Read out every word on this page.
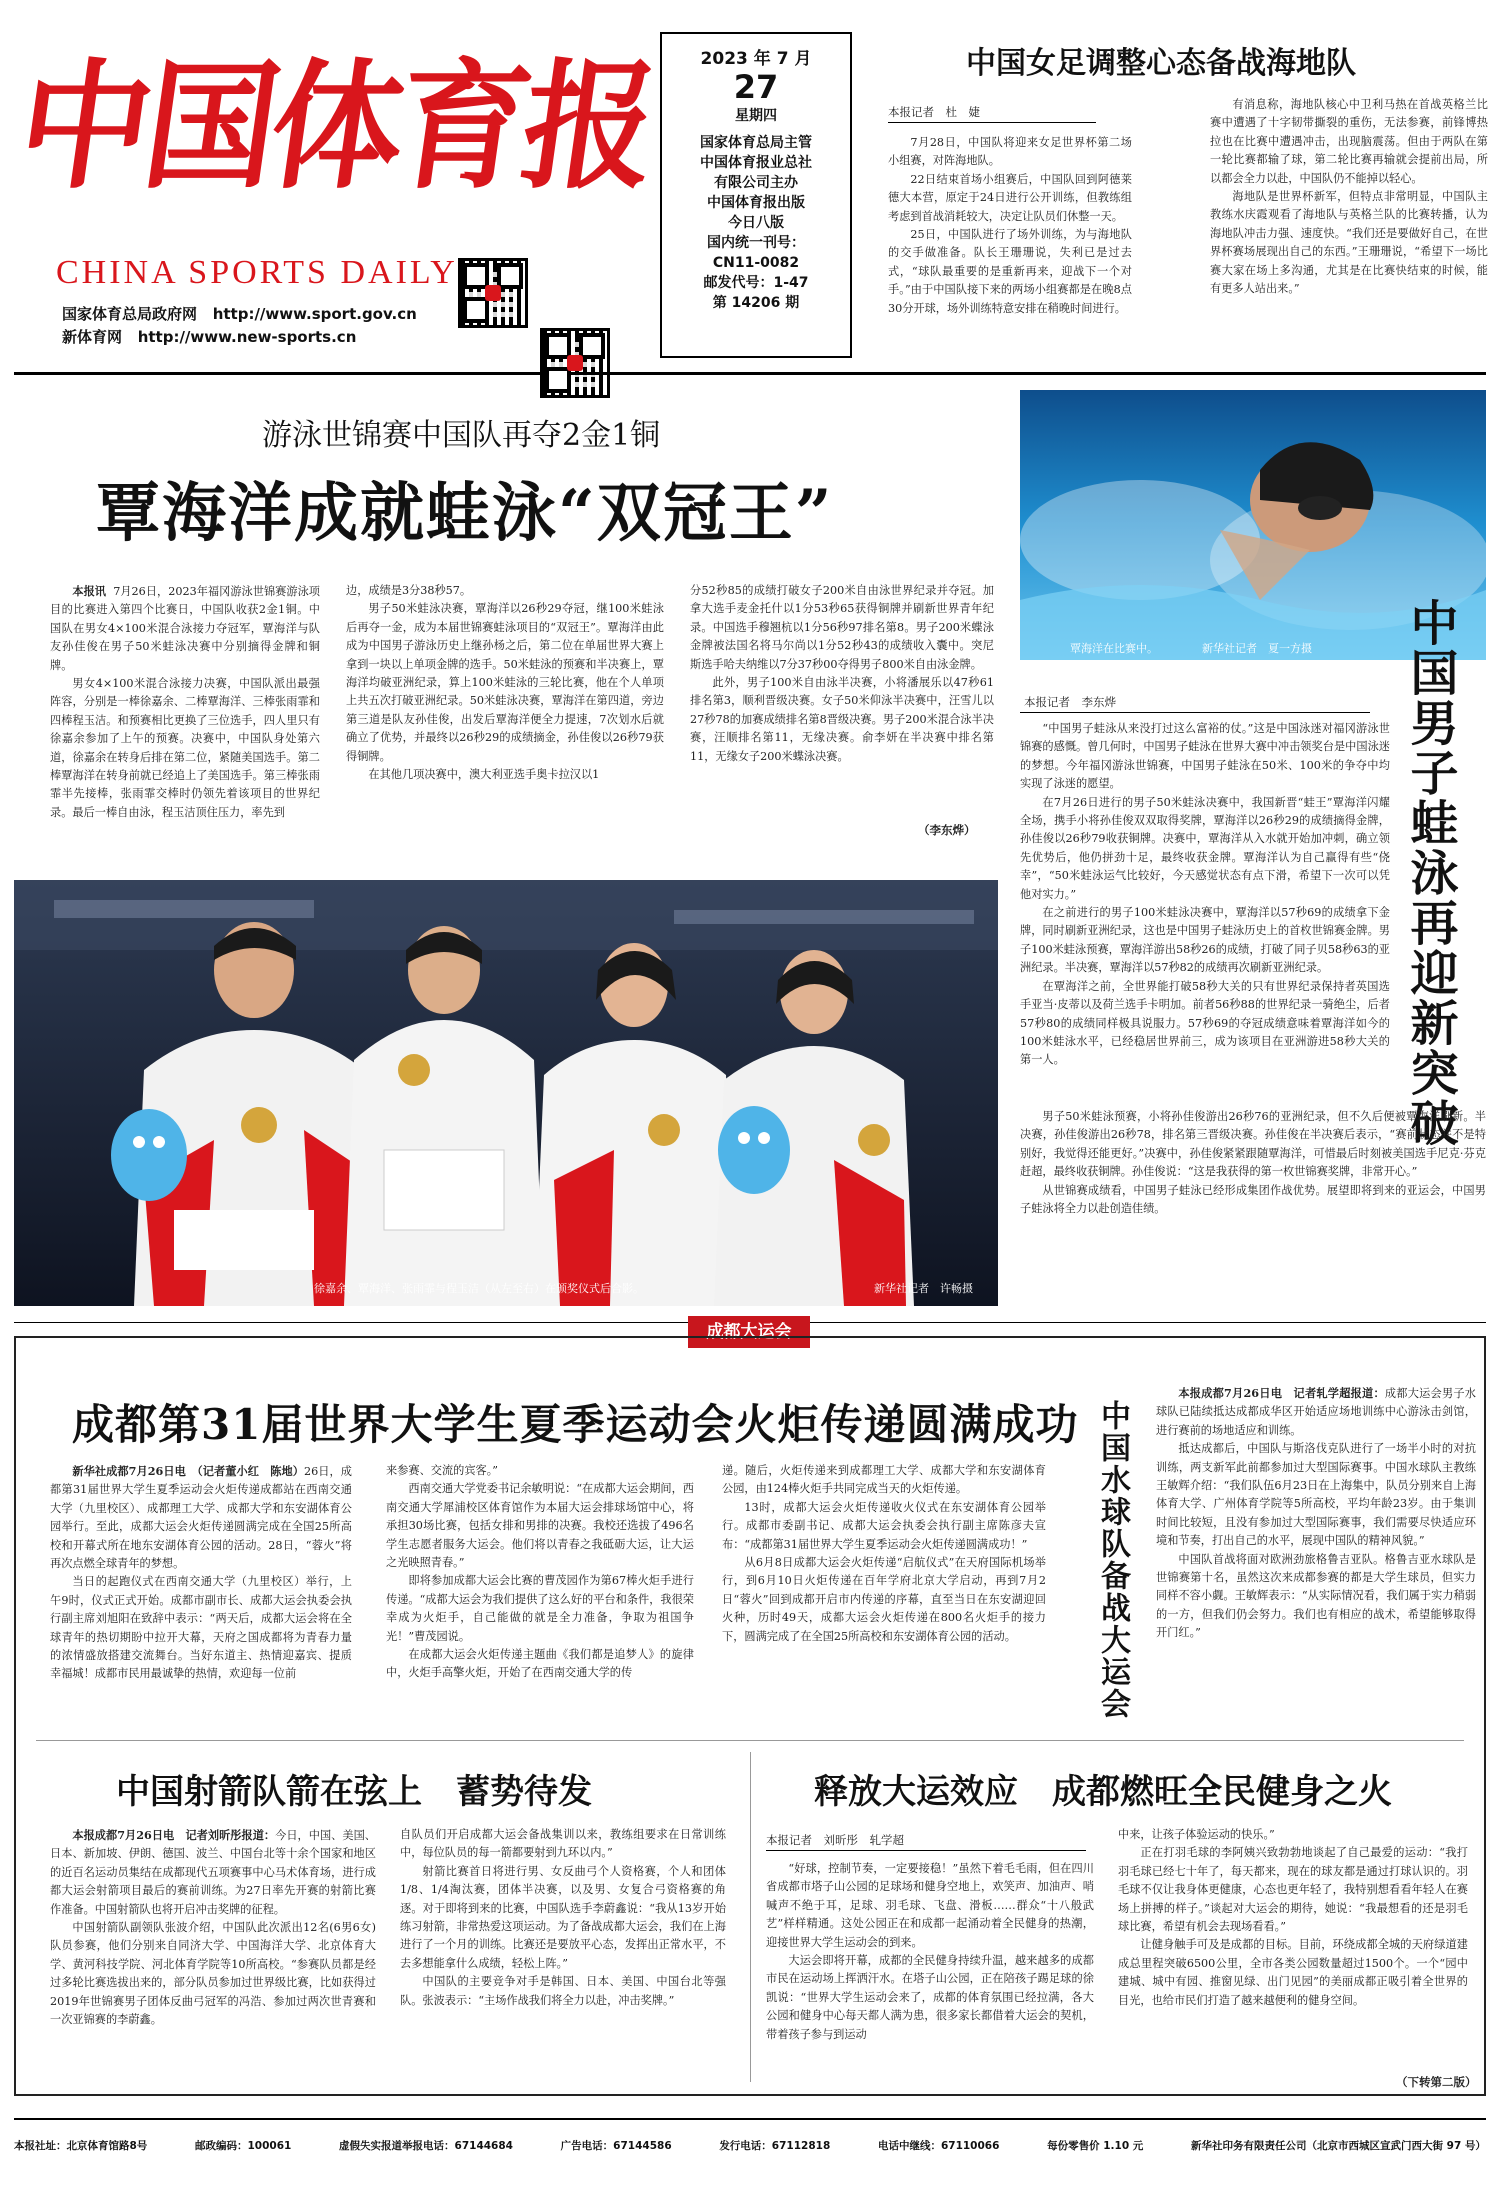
中国体育报
CHINA SPORTS DAILY
国家体育总局政府网 http://www.sport.gov.cn
新体育网 http://www.new-sports.cn
2023 年 7 月
27
星期四
国家体育总局主管
中国体育报业总社
有限公司主办
中国体育报出版
今日八版
国内统一刊号：
CN11-0082
邮发代号：1-47
第 14206 期
中国女足调整心态备战海地队
本报记者　杜　婕

7月28日，中国队将迎来女足世界杯第二场小组赛，对阵海地队。

22日结束首场小组赛后，中国队回到阿德莱德大本营，原定于24日进行公开训练，但教练组考虑到首战消耗较大，决定让队员们休整一天。

25日，中国队进行了场外训练，为与海地队的交手做准备。队长王珊珊说，失利已是过去式，“球队最重要的是重新再来，迎战下一个对手。”由于中国队接下来的两场小组赛都是在晚8点30分开球，场外训练特意安排在稍晚时间进行。

有消息称，海地队核心中卫利马热在首战英格兰比赛中遭遇了十字韧带撕裂的重伤，无法参赛，前锋博热拉也在比赛中遭遇冲击，出现脑震荡。但由于两队在第一轮比赛都输了球，第二轮比赛再输就会提前出局，所以都会全力以赴，中国队仍不能掉以轻心。

海地队是世界杯新军，但特点非常明显，中国队主教练水庆霞观看了海地队与英格兰队的比赛转播，认为海地队冲击力强、速度快。“我们还是要做好自己，在世界杯赛场展现出自己的东西。”王珊珊说，“希望下一场比赛大家在场上多沟通，尤其是在比赛快结束的时候，能有更多人站出来。”

游泳世锦赛中国队再夺2金1铜
覃海洋成就蛙泳“双冠王”

本报讯 7月26日，2023年福冈游泳世锦赛游泳项目的比赛进入第四个比赛日，中国队收获2金1铜。中国队在男女4×100米混合泳接力夺冠军，覃海洋与队友孙佳俊在男子50米蛙泳决赛中分别摘得金牌和铜牌。

男女4×100米混合泳接力决赛，中国队派出最强阵容，分别是一棒徐嘉余、二棒覃海洋、三棒张雨霏和四棒程玉洁。和预赛相比更换了三位选手，四人里只有徐嘉余参加了上午的预赛。决赛中，中国队身处第六道，徐嘉余在转身后排在第二位，紧随美国选手。第二棒覃海洋在转身前就已经追上了美国选手。第三棒张雨霏半先接棒，张雨霏交棒时仍领先着该项目的世界纪录。最后一棒自由泳，程玉洁顶住压力，率先到

边，成绩是3分38秒57。

男子50米蛙泳决赛，覃海洋以26秒29夺冠，继100米蛙泳后再夺一金，成为本届世锦赛蛙泳项目的“双冠王”。覃海洋由此成为中国男子游泳历史上继孙杨之后，第二位在单届世界大赛上拿到一块以上单项金牌的选手。50米蛙泳的预赛和半决赛上，覃海洋均破亚洲纪录，算上100米蛙泳的三轮比赛，他在个人单项上共五次打破亚洲纪录。50米蛙泳决赛，覃海洋在第四道，旁边第三道是队友孙佳俊，出发后覃海洋便全力提速，7次划水后就确立了优势，并最终以26秒29的成绩摘金，孙佳俊以26秒79获得铜牌。

在其他几项决赛中，澳大利亚选手奥卡拉汉以1

分52秒85的成绩打破女子200米自由泳世界纪录并夺冠。加拿大选手麦金托什以1分53秒65获得铜牌并刷新世界青年纪录。中国选手穆翘杭以1分56秒97排名第8。男子200米蝶泳金牌被法国名将马尔尚以1分52秒43的成绩收入囊中。突尼斯选手哈夫纳维以7分37秒00夺得男子800米自由泳金牌。

此外，男子100米自由泳半决赛，小将潘展乐以47秒61排名第3，顺利晋级决赛。女子50米仰泳半决赛中，汪雪儿以27秒78的加赛成绩排名第8晋级决赛。男子200米混合泳半决赛，汪顺排名第11，无缘决赛。俞李妍在半决赛中排名第11，无缘女子200米蝶泳决赛。

（李东烨）
徐嘉余、覃海洋、张雨霏与程玉洁（从左至右）在颁奖仪式后合影。	新华社记者　许畅摄
覃海洋在比赛中。	新华社记者　夏一方摄 中国男子蛙泳再迎新突破
本报记者　李东烨

“中国男子蛙泳从来没打过这么富裕的仗。”这是中国泳迷对福冈游泳世锦赛的感慨。曾几何时，中国男子蛙泳在世界大赛中冲击领奖台是中国泳迷的梦想。今年福冈游泳世锦赛，中国男子蛙泳在50米、100米的争夺中均实现了泳迷的愿望。

在7月26日进行的男子50米蛙泳决赛中，我国新晋“蛙王”覃海洋闪耀全场，携手小将孙佳俊双双取得奖牌，覃海洋以26秒29的成绩摘得金牌，孙佳俊以26秒79收获铜牌。决赛中，覃海洋从入水就开始加冲刺，确立领先优势后，他仍拼劲十足，最终收获金牌。覃海洋认为自己赢得有些“侥幸”，“50米蛙泳运气比较好，今天感觉状态有点下滑，希望下一次可以凭他对实力。”

在之前进行的男子100米蛙泳决赛中，覃海洋以57秒69的成绩拿下金牌，同时刷新亚洲纪录，这也是中国男子蛙泳历史上的首枚世锦赛金牌。男子100米蛙泳预赛，覃海洋游出58秒26的成绩，打破了同子贝58秒63的亚洲纪录。半决赛，覃海洋以57秒82的成绩再次刷新亚洲纪录。

在覃海洋之前，全世界能打破58秒大关的只有世界纪录保持者英国选手亚当·皮蒂以及荷兰选手卡明加。前者56秒88的世界纪录一骑绝尘，后者57秒80的成绩同样极具说服力。57秒69的夺冠成绩意味着覃海洋如今的100米蛙泳水平，已经稳居世界前三，成为该项目在亚洲游进58秒大关的第一人。

男子50米蛙泳预赛，小将孙佳俊游出26秒76的亚洲纪录，但不久后便被覃海洋刷新。半决赛，孙佳俊游出26秒78，排名第三晋级决赛。孙佳俊在半决赛后表示，“赛前状态并不是特别好，我觉得还能更好。”决赛中，孙佳俊紧紧跟随覃海洋，可惜最后时刻被美国选手尼克·芬克赶超，最终收获铜牌。孙佳俊说：“这是我获得的第一枚世锦赛奖牌，非常开心。”

从世锦赛成绩看，中国男子蛙泳已经形成集团作战优势。展望即将到来的亚运会，中国男子蛙泳将全力以赴创造佳绩。

成都大运会
成都第31届世界大学生夏季运动会火炬传递圆满成功

新华社成都7月26日电　（记者董小红　陈地）26日，成都第31届世界大学生夏季运动会火炬传递成都站在西南交通大学（九里校区）、成都理工大学、成都大学和东安湖体育公园举行。至此，成都大运会火炬传递圆满完成在全国25所高校和开幕式所在地东安湖体育公园的活动。28日，“蓉火”将再次点燃全球青年的梦想。

当日的起跑仪式在西南交通大学（九里校区）举行，上午9时，仪式正式开始。成都市副市长、成都大运会执委会执行副主席刘旭阳在致辞中表示：“两天后，成都大运会将在全球青年的热切期盼中拉开大幕，天府之国成都将为青春力量的浓情盛放搭建交流舞台。当好东道主、热情迎嘉宾、提质幸福城！成都市民用最诚挚的热情，欢迎每一位前

来参赛、交流的宾客。”

西南交通大学党委书记余敏明说：“在成都大运会期间，西南交通大学犀浦校区体育馆作为本届大运会排球场馆中心，将承担30场比赛，包括女排和男排的决赛。我校还选拔了496名学生志愿者服务大运会。他们将以青春之我砥砺大运，让大运之光映照青春。”

即将参加成都大运会比赛的曹茂园作为第67棒火炬手进行传递。“成都大运会为我们提供了这么好的平台和条件，我很荣幸成为火炬手，自己能做的就是全力准备，争取为祖国争光！”曹茂园说。

在成都大运会火炬传递主题曲《我们都是追梦人》的旋律中，火炬手高擎火炬，开始了在西南交通大学的传

递。随后，火炬传递来到成都理工大学、成都大学和东安湖体育公园，由124棒火炬手共同完成当天的火炬传递。

13时，成都大运会火炬传递收火仪式在东安湖体育公园举行。成都市委副书记、成都大运会执委会执行副主席陈彦夫宣布：“成都第31届世界大学生夏季运动会火炬传递圆满成功！”

从6月8日成都大运会火炬传递“启航仪式”在天府国际机场举行，到6月10日火炬传递在百年学府北京大学启动，再到7月2日“蓉火”回到成都开启市内传递的序幕，直至当日在东安湖迎回火种，历时49天，成都大运会火炬传递在800名火炬手的接力下，圆满完成了在全国25所高校和东安湖体育公园的活动。	中国水球队备战大运会

本报成都7月26日电　记者轧学超报道：成都大运会男子水球队已陆续抵达成都成华区开始适应场地训练中心游泳击剑馆，进行赛前的场地适应和训练。

抵达成都后，中国队与斯洛伐克队进行了一场半小时的对抗训练，两支新军此前都参加过大型国际赛事。中国水球队主教练王敏辉介绍：“我们队伍6月23日在上海集中，队员分别来自上海体育大学、广州体育学院等5所高校，平均年龄23岁。由于集训时间比较短，且没有参加过大型国际赛事，我们需要尽快适应环境和节奏，打出自己的水平，展现中国队的精神风貌。”

中国队首战将面对欧洲劲旅格鲁吉亚队。格鲁吉亚水球队是世锦赛第十名，虽然这次来成都参赛的都是大学生球员，但实力同样不容小觑。王敏辉表示：“从实际情况看，我们属于实力稍弱的一方，但我们仍会努力。我们也有相应的战术，希望能够取得开门红。”

中国射箭队箭在弦上　蓄势待发

本报成都7月26日电　记者刘昕彤报道：今日，中国、美国、日本、新加坡、伊朗、德国、波兰、中国台北等十余个国家和地区的近百名运动员集结在成都现代五项赛事中心马术体育场，进行成都大运会射箭项目最后的赛前训练。为27日率先开赛的射箭比赛作准备。中国射箭队也将开启冲击奖牌的征程。

中国射箭队副领队张波介绍，中国队此次派出12名(6男6女)队员参赛，他们分别来自同济大学、中国海洋大学、北京体育大学、黄河科技学院、河北体育学院等10所高校。“参赛队员都是经过多轮比赛选拔出来的，部分队员参加过世界级比赛，比如获得过2019年世锦赛男子团体反曲弓冠军的冯浩、参加过两次世青赛和一次亚锦赛的李蔚鑫。

自队员们开启成都大运会备战集训以来，教练组要求在日常训练中，每位队员的每一箭都要射到九环以内。”

射箭比赛首日将进行男、女反曲弓个人资格赛，个人和团体1/8、1/4淘汰赛，团体半决赛，以及男、女复合弓资格赛的角逐。对于即将到来的比赛，中国队选手李蔚鑫说：“我从13岁开始练习射箭，非常热爱这项运动。为了备战成都大运会，我们在上海进行了一个月的训练。比赛还是要放平心态，发挥出正常水平，不去多想能拿什么成绩，轻松上阵。”

中国队的主要竞争对手是韩国、日本、美国、中国台北等强队。张波表示：“主场作战我们将全力以赴，冲击奖牌。”

释放大运效应　成都燃旺全民健身之火
本报记者　刘昕彤　轧学超

“好球，控制节奏，一定要接稳！”虽然下着毛毛雨，但在四川省成都市塔子山公园的足球场和健身空地上，欢笑声、加油声、哨喊声不绝于耳，足球、羽毛球、飞盘、滑板……群众“十八般武艺”样样精通。这处公园正在和成都一起涌动着全民健身的热潮，迎接世界大学生运动会的到来。

大运会即将开幕，成都的全民健身持续升温，越来越多的成都市民在运动场上挥洒汗水。在塔子山公园，正在陪孩子踢足球的徐凯说：“世界大学生运动会来了，成都的体育氛围已经拉满，各大公园和健身中心每天都人满为患，很多家长都借着大运会的契机，带着孩子参与到运动

中来，让孩子体验运动的快乐。”

正在打羽毛球的李阿姨兴致勃勃地谈起了自己最爱的运动：“我打羽毛球已经七十年了，每天都来，现在的球友都是通过打球认识的。羽毛球不仅让我身体更健康，心态也更年轻了，我特别想看看年轻人在赛场上拼搏的样子。”谈起对大运会的期待，她说：“我最想看的还是羽毛球比赛，希望有机会去现场看看。”

让健身触手可及是成都的目标。目前，环绕成都全城的天府绿道建成总里程突破6500公里，全市各类公园数量超过1500个。一个“园中建城、城中有园、推窗见绿、出门见园”的美丽成都正吸引着全世界的目光，也给市民们打造了越来越便利的健身空间。

（下转第二版）
本报社址：北京体育馆路8号	邮政编码：100061	虚假失实报道举报电话：67144684	广告电话：67144586	发行电话：67112818	电话中继线：67110066	每份零售价 1.10 元	新华社印务有限责任公司（北京市西城区宣武门西大街 97 号）
